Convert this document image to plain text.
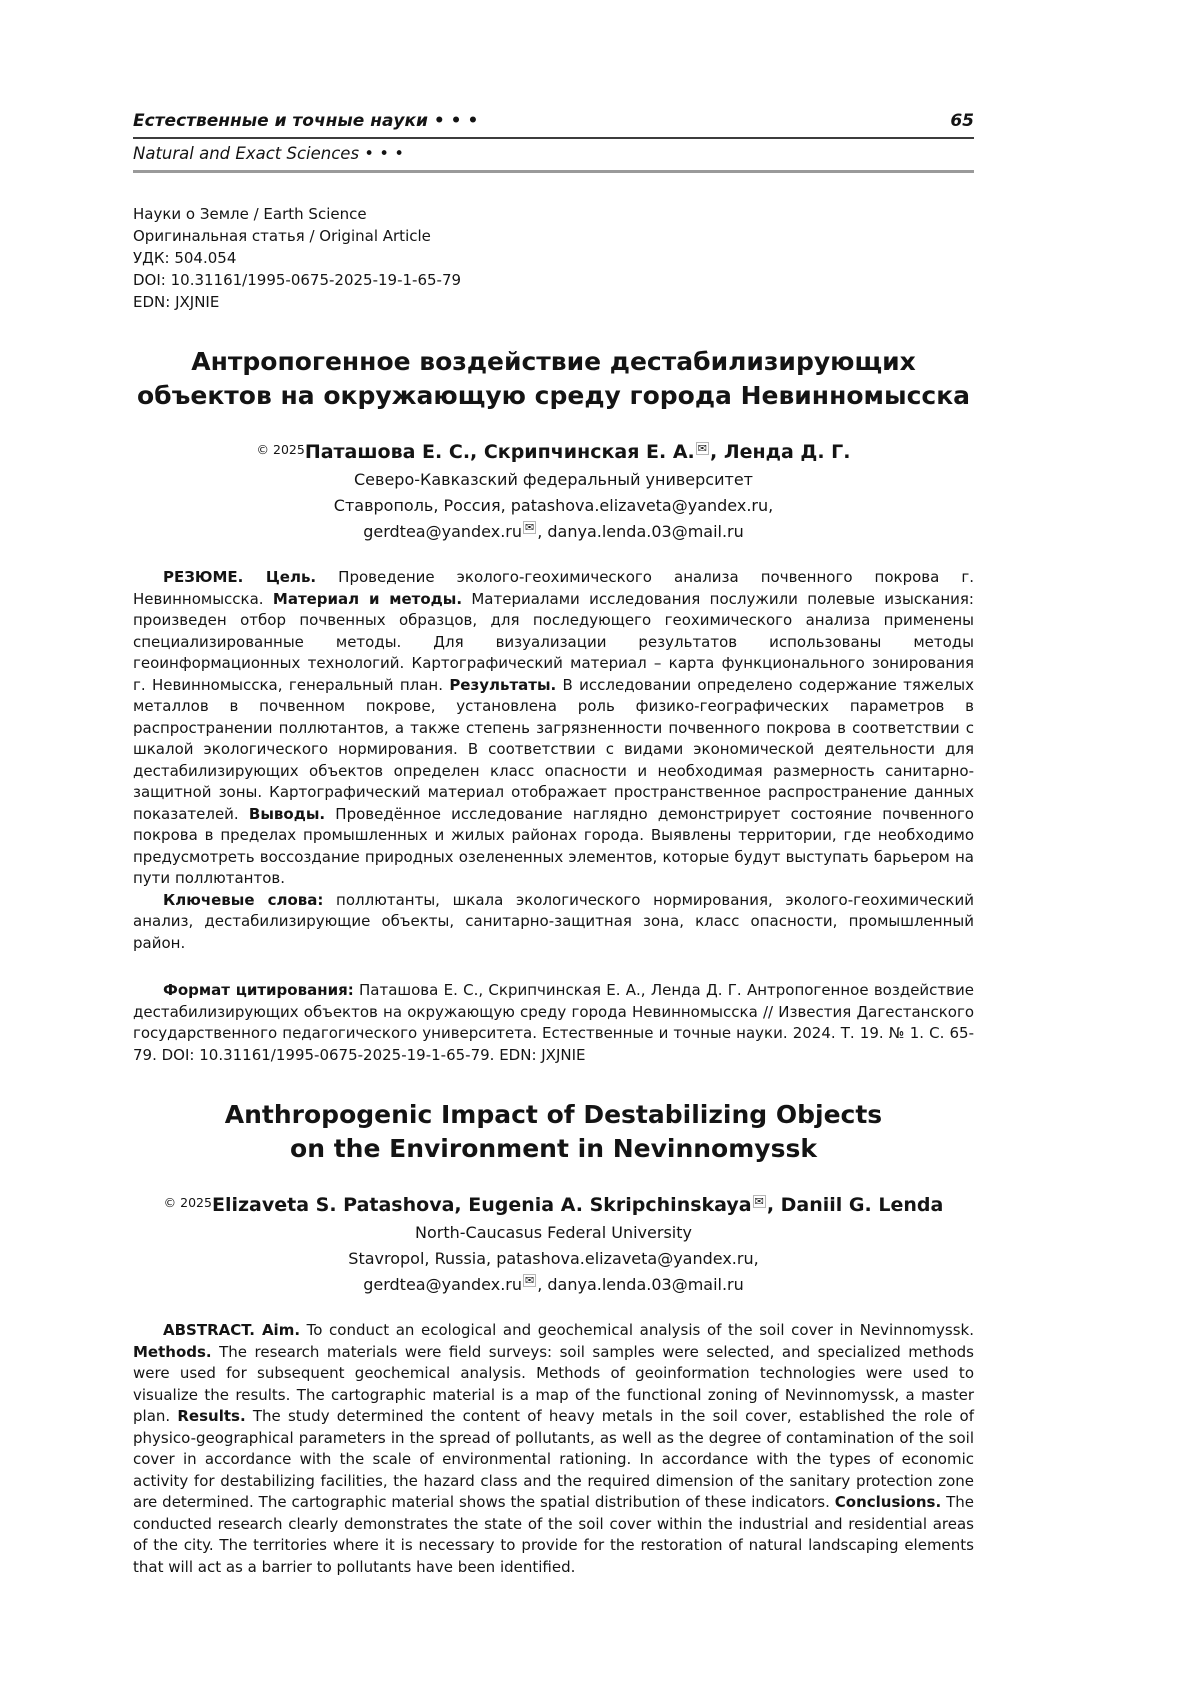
Естественные и точные науки • • •	65
Natural and Exact Sciences • • •
Науки о Земле / Earth Science
Оригинальная статья / Original Article
УДК: 504.054
DOI: 10.31161/1995-0675-2025-19-1-65-79
EDN: JXJNIE
Антропогенное воздействие дестабилизирующих
объектов на окружающую среду города Невинномысска
$^{© 2025}$Паташова Е. С., Скрипчинская Е. А. ✉ , Ленда Д. Г.
Северо-Кавказский федеральный университет
Ставрополь, Россия, patashova.elizaveta@yandex.ru,
gerdtea@yandex.ru ✉ , danya.lenda.03@mail.ru

РЕЗЮМЕ. Цель. Проведение эколого-геохимического анализа почвенного покрова г. Невинномысска. Материал и методы. Материалами исследования послужили полевые изыскания: произведен отбор почвенных образцов, для последующего геохимического анализа применены специализированные методы. Для визуализации результатов использованы методы геоинформационных технологий. Картографический материал – карта функционального зонирования г. Невинномысска, генеральный план. Результаты. В исследовании определено содержание тяжелых металлов в почвенном покрове, установлена роль физико-географических параметров в распространении поллютантов, а также степень загрязненности почвенного покрова в соответствии с шкалой экологического нормирования. В соответствии с видами экономической деятельности для дестабилизирующих объектов определен класс опасности и необходимая размерность санитарно-защитной зоны. Картографический материал отображает пространственное распространение данных показателей. Выводы. Проведённое исследование наглядно демонстрирует состояние почвенного покрова в пределах промышленных и жилых районах города. Выявлены территории, где необходимо предусмотреть воссоздание природных озелененных элементов, которые будут выступать барьером на пути поллютантов.

Ключевые слова: поллютанты, шкала экологического нормирования, эколого-геохимический анализ, дестабилизирующие объекты, санитарно-защитная зона, класс опасности, промышленный район.

Формат цитирования: Паташова Е. С., Скрипчинская Е. А., Ленда Д. Г. Антропогенное воздействие дестабилизирующих объектов на окружающую среду города Невинномысска // Известия Дагестанского государственного педагогического университета. Естественные и точные науки. 2024. Т. 19. № 1. С. 65-79. DOI: 10.31161/1995-0675-2025-19-1-65-79. EDN: JXJNIE

Anthropogenic Impact of Destabilizing Objects
on the Environment in Nevinnomyssk
$^{© 2025}$Elizaveta S. Patashova, Eugenia A. Skripchinskaya ✉ , Daniil G. Lenda
North-Caucasus Federal University
Stavropol, Russia, patashova.elizaveta@yandex.ru,
gerdtea@yandex.ru ✉ , danya.lenda.03@mail.ru

ABSTRACT. Aim. To conduct an ecological and geochemical analysis of the soil cover in Nevinnomyssk. Methods. The research materials were field surveys: soil samples were selected, and specialized methods were used for subsequent geochemical analysis. Methods of geoinformation technologies were used to visualize the results. The cartographic material is a map of the functional zoning of Nevinnomyssk, a master plan. Results. The study determined the content of heavy metals in the soil cover, established the role of physico-geographical parameters in the spread of pollutants, as well as the degree of contamination of the soil cover in accordance with the scale of environmental rationing. In accordance with the types of economic activity for destabilizing facilities, the hazard class and the required dimension of the sanitary protection zone are determined. The cartographic material shows the spatial distribution of these indicators. Conclusions. The conducted research clearly demonstrates the state of the soil cover within the industrial and residential areas of the city. The territories where it is necessary to provide for the restoration of natural landscaping elements that will act as a barrier to pollutants have been identified.
